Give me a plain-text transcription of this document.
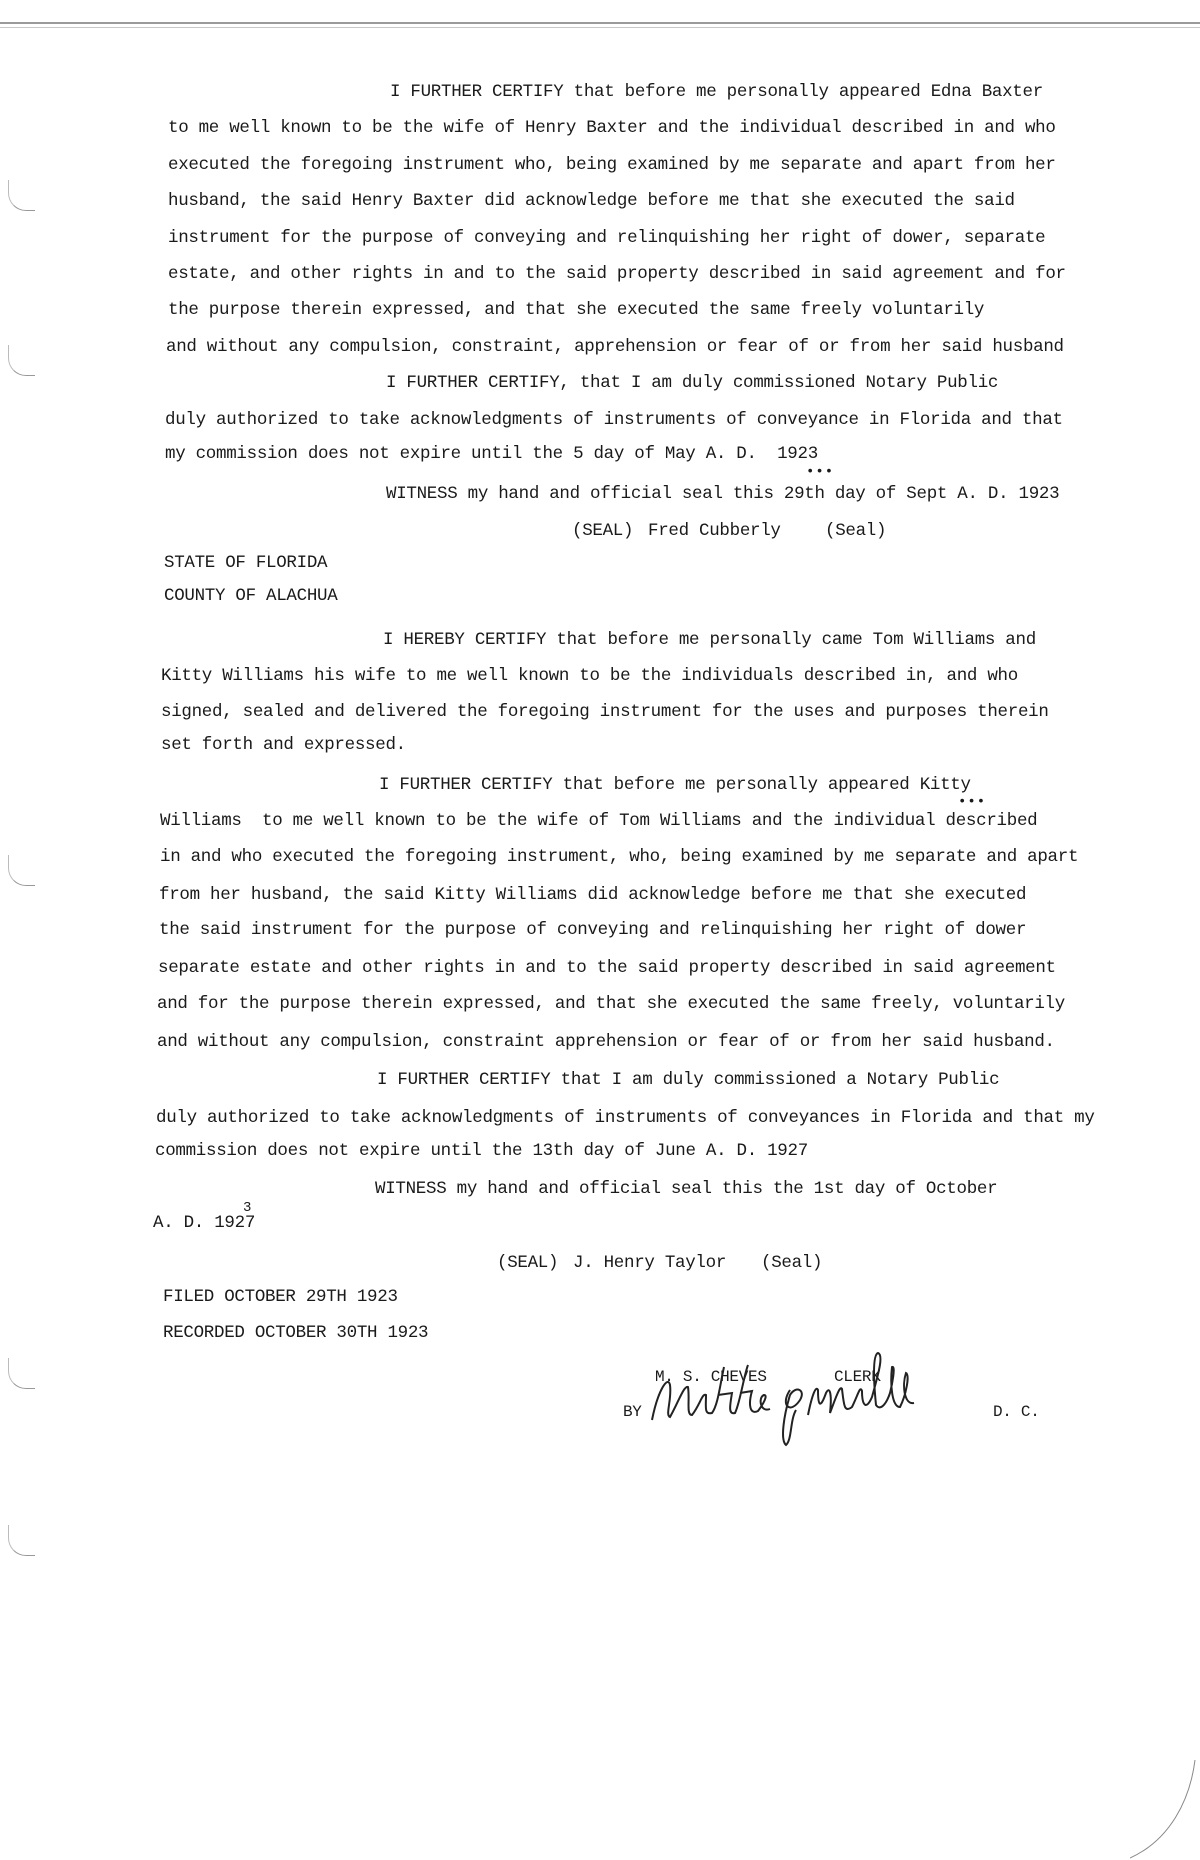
I FURTHER CERTIFY that before me personally appeared Edna Baxter
to me well known to be the wife of Henry Baxter and the individual described in and who
executed the foregoing instrument who, being examined by me separate and apart from her
husband, the said Henry Baxter did acknowledge before me that she executed the said
instrument for the purpose of conveying and relinquishing her right of dower, separate
estate, and other rights in and to the said property described in said agreement and for
the purpose therein expressed, and that she executed the same freely voluntarily
and without any compulsion, constraint, apprehension or fear of or from her said husband
I FURTHER CERTIFY, that I am duly commissioned Notary Public
duly authorized to take acknowledgments of instruments of conveyance in Florida and that
my commission does not expire until the 5 day of May A. D.  1923
•••
WITNESS my hand and official seal this 29th day of Sept A. D. 1923
(SEAL) Fred Cubberly	(Seal)
STATE OF FLORIDA
COUNTY OF ALACHUA
I HEREBY CERTIFY that before me personally came Tom Williams and
Kitty Williams his wife to me well known to be the individuals described in, and who
signed, sealed and delivered the foregoing instrument for the uses and purposes therein
set forth and expressed.
I FURTHER CERTIFY that before me personally appeared Kitty
•••
Williams  to me well known to be the wife of Tom Williams and the individual described
in and who executed the foregoing instrument, who, being examined by me separate and apart
from her husband, the said Kitty Williams did acknowledge before me that she executed
the said instrument for the purpose of conveying and relinquishing her right of dower
separate estate and other rights in and to the said property described in said agreement
and for the purpose therein expressed, and that she executed the same freely, voluntarily
and without any compulsion, constraint apprehension or fear of or from her said husband.
I FURTHER CERTIFY that I am duly commissioned a Notary Public
duly authorized to take acknowledgments of instruments of conveyances in Florida and that my
commission does not expire until the 13th day of June A. D. 1927
WITNESS my hand and official seal this the 1st day of October
A. D. 1927
3
(SEAL) J. Henry Taylor (Seal)
FILED OCTOBER 29TH 1923
RECORDED OCTOBER 30TH 1923
M. S. CHEVES	CLERK
BY	D. C.
